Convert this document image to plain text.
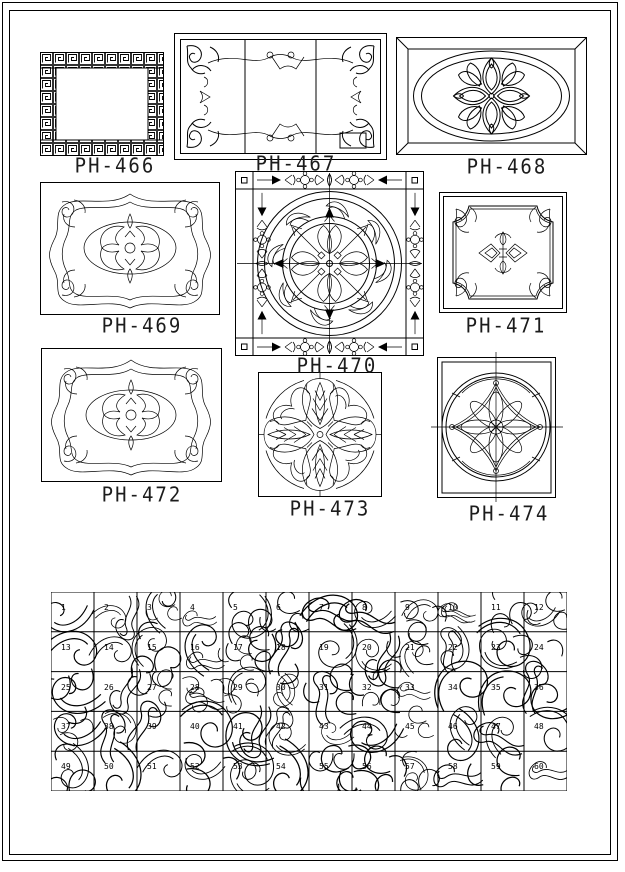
PH-466	PH-467	PH-468
PH-469
PH-470
PH-471
PH-472
PH-473	PH-474
1	2	3	4	5	6	7	8	9	10	11	12
13	14	15	16	17	18	19	20	21	22	23	24
25	26	27	28	29	30	31	32	33	34	35	36
37	38	39	40	41	42	43	44	45	46	47	48
49	50	51	52	53	54	55	56	57	58	59	60
